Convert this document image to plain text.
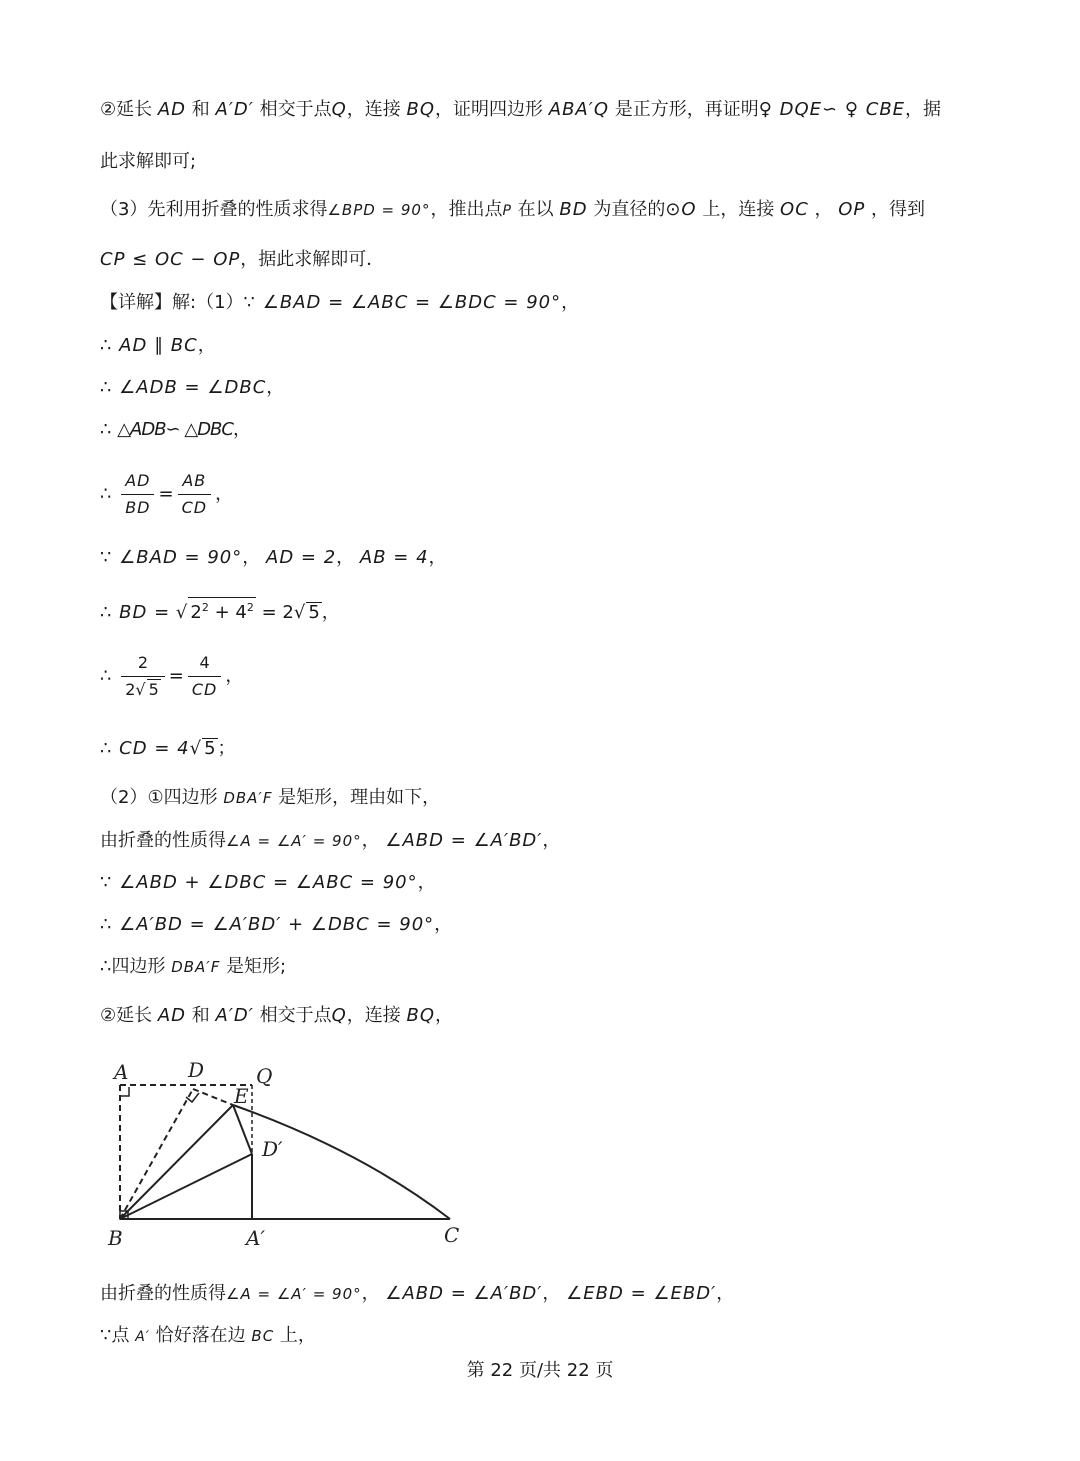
②延长 AD 和 A′D′ 相交于点Q，连接 BQ，证明四边形 ABA′Q 是正方形，再证明♀ DQE∽ ♀ CBE，据
此求解即可;
（3）先利用折叠的性质求得∠BPD = 90°，推出点P 在以 BD 为直径的⊙O 上，连接 OC ， OP ，得到
CP ≤ OC − OP，据此求解即可．
【详解】解:（1）∵ ∠BAD = ∠ABC = ∠BDC = 90°，
∴ AD ∥ BC，
∴ ∠ADB = ∠DBC，
∴ △ADB∽ △DBC，
∴ $\frac{AD}{BD} = \frac{AB}{CD}$ ，
∵ ∠BAD = 90°， AD = 2， AB = 4，
∴ BD = √ $2^2 + 4^2 = 2√$ 5 ，
∴ $\frac{2}{2√ 5} = \frac{4}{CD}$ ，
∴ CD = 4√ 5 ；
（2）①四边形 DBA′F 是矩形，理由如下，
由折叠的性质得∠A = ∠A′ = 90°， ∠ABD = ∠A′BD′，
∵ ∠ABD + ∠DBC = ∠ABC = 90°，
∴ ∠A′BD = ∠A′BD′ + ∠DBC = 90°，
∴四边形 DBA′F 是矩形;
②延长 AD 和 A′D′ 相交于点Q，连接 BQ，
A	D	Q
E
D′
B	A′	C
由折叠的性质得∠A = ∠A′ = 90°， ∠ABD = ∠A′BD′， ∠EBD = ∠EBD′，
∵点 A′ 恰好落在边 BC 上，
第 22 页/共 22 页
